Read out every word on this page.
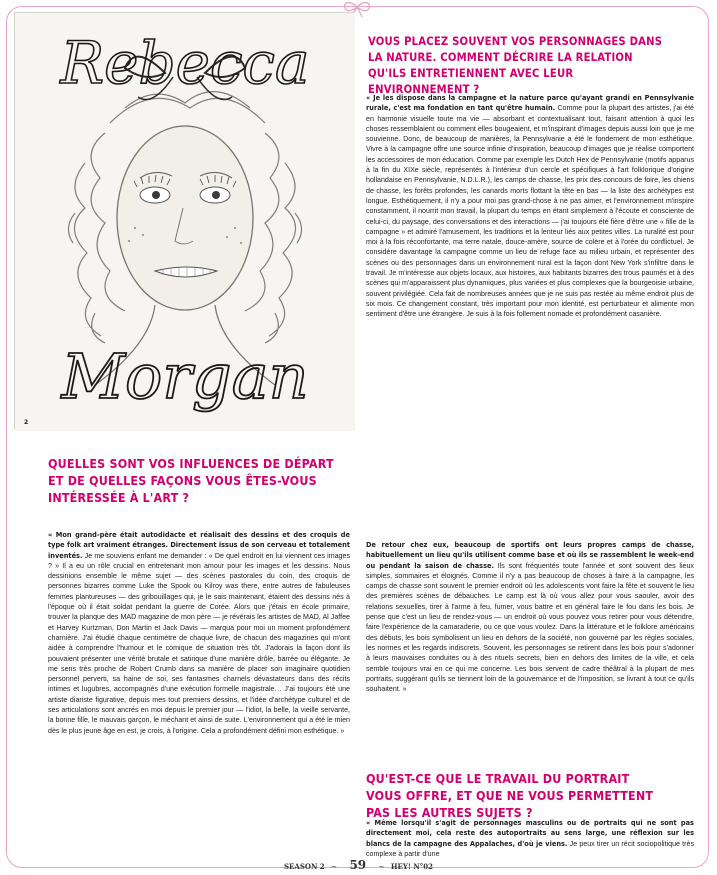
Rebecca
Morgan
2
VOUS PLACEZ SOUVENT VOS PERSONNAGES DANS LA NATURE. COMMENT DÉCRIRE LA RELATION QU'ILS ENTRETIENNENT AVEC LEUR ENVIRONNEMENT ?
« Je les dispose dans la campagne et la nature parce qu'ayant grandi en Pennsylvanie rurale, c'est ma fondation en tant qu'être humain. Comme pour la plupart des artistes, j'ai été en harmonie visuelle toute ma vie — absorbant et contextualisant tout, faisant attention à quoi les choses ressemblaient ou comment elles bougeaient, et m'inspirant d'images depuis aussi loin que je me souvienne. Donc, de beaucoup de manières, la Pennsylvanie a été le fondement de mon esthétique. Vivre à la campagne offre une source infinie d'inspiration, beaucoup d'images que je réalise comportent les accessoires de mon éducation. Comme par exemple les Dutch Hex de Pennsylvanie (motifs apparus à la fin du XIXe siècle, représentés à l'intérieur d'un cercle et spécifiques à l'art folklorique d'origine hollandaise en Pennsylvanie, N.D.L.R.), les camps de chasse, les prix des concours de foire, les chiens de chasse, les forêts profondes, les canards morts flottant la tête en bas — la liste des archétypes est longue. Esthétiquement, il n'y a pour moi pas grand-chose à ne pas aimer, et l'environnement m'inspire constamment, il nourrit mon travail, la plupart du temps en étant simplement à l'écoute et consciente de celui-ci, du paysage, des conversations et des interactions — j'ai toujours été fière d'être une « fille de la campagne » et admiré l'amusement, les traditions et la lenteur liés aux petites villes. La ruralité est pour moi à la fois réconfortante, ma terre natale, douce-amère, source de colère et à l'orée du conflictuel. Je considère davantage la campagne comme un lieu de refuge face au milieu urbain, et représenter des scènes ou des personnages dans un environnement rural est la façon dont New York s'infiltre dans le travail. Je m'intéresse aux objets locaux, aux histoires, aux habitants bizarres des trous paumés et à des scènes qui m'apparaissent plus dynamiques, plus variées et plus complexes que la bourgeoisie urbaine, souvent privilégiée. Cela fait de nombreuses années que je ne suis pas restée au même endroit plus de six mois. Ce changement constant, très important pour mon identité, est perturbateur et alimente mon sentiment d'être une étrangère. Je suis à la fois follement nomade et profondément casanière.
De retour chez eux, beaucoup de sportifs ont leurs propres camps de chasse, habituellement un lieu qu'ils utilisent comme base et où ils se rassemblent le week-end ou pendant la saison de chasse. Ils sont fréquentés toute l'année et sont souvent des lieux simples, sommaires et éloignés. Comme il n'y a pas beaucoup de choses à faire à la campagne, les camps de chasse sont souvent le premier endroit où les adolescents vont faire la fête et souvent le lieu des premières scènes de débauches. Le camp est là où vous allez pour vous saouler, avoir des relations sexuelles, tirer à l'arme à feu, fumer, vous battre et en général faire le fou dans les bois. Je pense que c'est un lieu de rendez-vous — un endroit où vous pouvez vous retirer pour vous détendre, faire l'expérience de la camaraderie, ou ce que vous voulez. Dans la littérature et le folklore américains des débuts, les bois symbolisent un lieu en dehors de la société, non gouverné par les règles sociales, les normes et les regards indiscrets. Souvent, les personnages se retirent dans les bois pour s'adonner à leurs mauvaises conduites ou à des rituels secrets, bien en dehors des limites de la ville, et cela semble toujours vrai en ce qui me concerne. Les bois servent de cadre théâtral à la plupart de mes portraits, suggérant qu'ils se tiennent loin de la gouvernance et de l'imposition, se livrant à tout ce qu'ils souhaitent. »
QUELLES SONT VOS INFLUENCES DE DÉPART ET DE QUELLES FAÇONS VOUS ÊTES-VOUS INTÉRESSÉE À L'ART ?
« Mon grand-père était autodidacte et réalisait des dessins et des croquis de type folk art vraiment étranges. Directement issus de son cerveau et totalement inventés. Je me souviens enfant me demander : « De quel endroit en lui viennent ces images ? » Il a eu un rôle crucial en entretenant mon amour pour les images et les dessins. Nous dessinions ensemble le même sujet — des scènes pastorales du coin, des croquis de personnes bizarres comme Luke the Spook ou Kilroy was there, entre autres de fabuleuses femmes plantureuses — des gribouillages qui, je le sais maintenant, étaient des dessins nés à l'époque où il était soldat pendant la guerre de Corée. Alors que j'étais en école primaire, trouver la planque des MAD magazine de mon père — je révérais les artistes de MAD, Al Jaffee et Harvey Kurtzman, Don Martin et Jack Davis — marqua pour moi un moment profondément charnière. J'ai étudié chaque centimètre de chaque livre, de chacun des magazines qui m'ont aidée à comprendre l'humour et le comique de situation très tôt. J'adorais la façon dont ils pouvaient présenter une vérité brutale et satirique d'une manière drôle, barrée ou élégante. Je me sens très proche de Robert Crumb dans sa manière de placer son imaginaire quotidien personnel perverti, sa haine de soi, ses fantasmes charnels dévastateurs dans des récits intimes et lugubres, accompagnés d'une exécution formelle magistrale… J'ai toujours été une artiste diariste figurative, depuis mes tout premiers dessins, et l'idée d'archétype culturel et de ses articulations sont ancrés en moi depuis le premier jour — l'idiot, la belle, la vieille servante, la bonne fille, le mauvais garçon, le méchant et ainsi de suite. L'environnement qui a été le mien dès le plus jeune âge en est, je crois, à l'origine. Cela a profondément défini mon esthétique. »
QU'EST-CE QUE LE TRAVAIL DU PORTRAIT VOUS OFFRE, ET QUE NE VOUS PERMETTENT PAS LES AUTRES SUJETS ?
« Même lorsqu'il s'agit de personnages masculins ou de portraits qui ne sont pas directement moi, cela reste des autoportraits au sens large, une réflexion sur les blancs de la campagne des Appalaches, d'où je viens. Je peux tirer un récit sociopolitique très complexe à partir d'une
SEASON 2 ~ 59 ~ HEY! N°02
